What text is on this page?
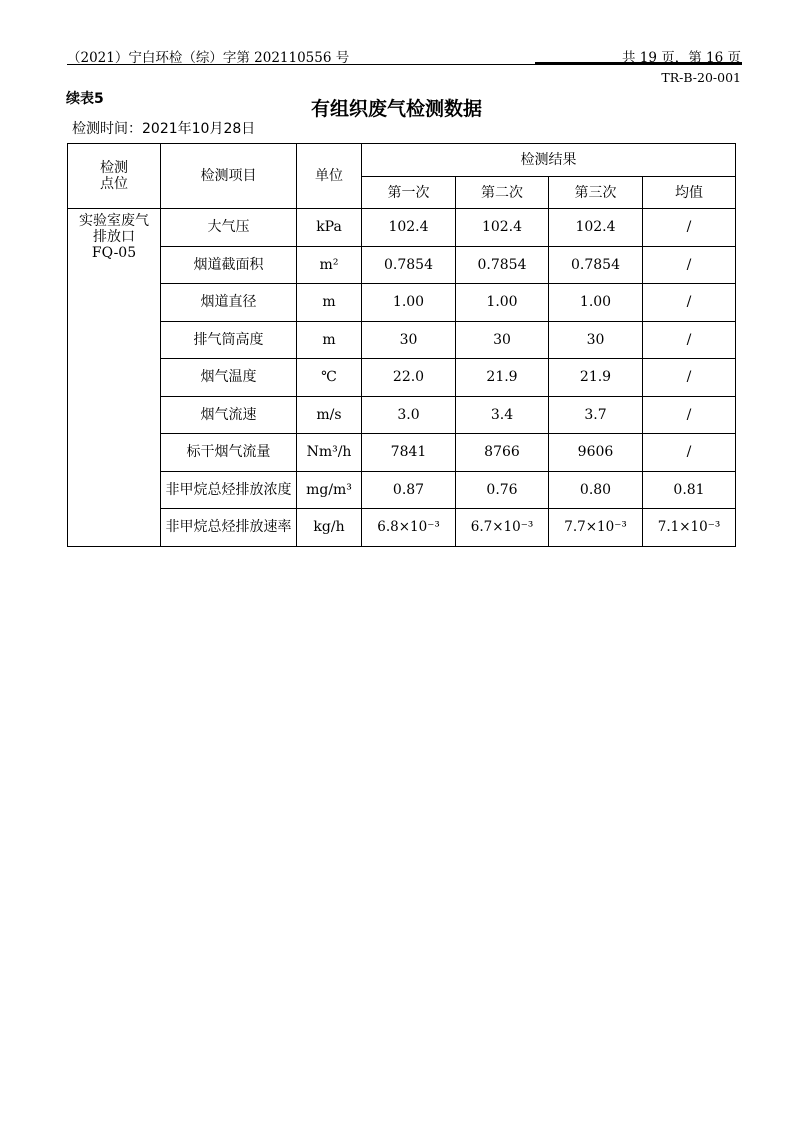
（2021）宁白环检（综）字第 202110556 号	共 19 页，第 16 页
TR-B-20-001
续表5	有组织废气检测数据
检测时间：2021年10月28日
检测
点位	检测项目	单位	检测结果			
			第一次	第二次	第三次	均值
实验室废气
排放口
FQ-05	大气压	kPa	102.4	102.4	102.4	/
	烟道截面积	m²	0.7854	0.7854	0.7854	/
	烟道直径	m	1.00	1.00	1.00	/
	排气筒高度	m	30	30	30	/
	烟气温度	℃	22.0	21.9	21.9	/
	烟气流速	m/s	3.0	3.4	3.7	/
	标干烟气流量	Nm³/h	7841	8766	9606	/
	非甲烷总烃排放浓度	mg/m³	0.87	0.76	0.80	0.81
	非甲烷总烃排放速率	kg/h	6.8×10⁻³	6.7×10⁻³	7.7×10⁻³	7.1×10⁻³
